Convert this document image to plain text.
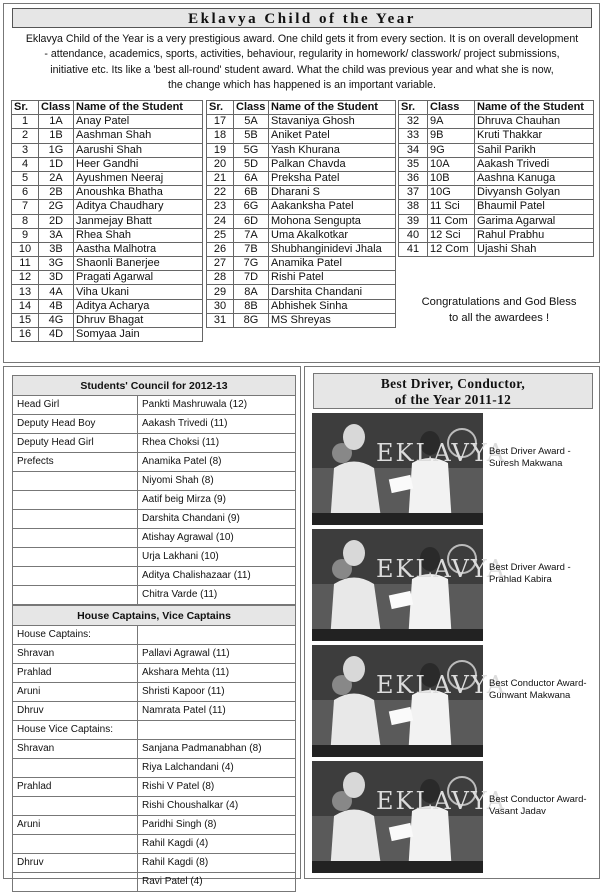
Eklavya Child of the Year
Eklavya Child of the Year is a very prestigious award. One child gets it from every section. It is on overall development
- attendance, academics, sports, activities, behaviour, regularity in homework/ classwork/ project submissions,
initiative etc. Its like a 'best all-round' student award. What the child was previous year and what she is now,
the change which has happened is an important variable.
Sr.	Class	Name of the Student
1	1A	Anay Patel
2	1B	Aashman Shah
3	1G	Aarushi Shah
4	1D	Heer Gandhi
5	2A	Ayushmen Neeraj
6	2B	Anoushka Bhatha
7	2G	Aditya Chaudhary
8	2D	Janmejay Bhatt
9	3A	Rhea Shah
10	3B	Aastha Malhotra
11	3G	Shaonli Banerjee
12	3D	Pragati Agarwal
13	4A	Viha Ukani
14	4B	Aditya Acharya
15	4G	Dhruv Bhagat
16	4D	Somyaa Jain
Sr.	Class	Name of the Student
17	5A	Stavaniya Ghosh
18	5B	Aniket Patel
19	5G	Yash Khurana
20	5D	Palkan Chavda
21	6A	Preksha Patel
22	6B	Dharani S
23	6G	Aakanksha Patel
24	6D	Mohona Sengupta
25	7A	Uma Akalkotkar
26	7B	Shubhanginidevi Jhala
27	7G	Anamika Patel
28	7D	Rishi Patel
29	8A	Darshita Chandani
30	8B	Abhishek Sinha
31	8G	MS Shreyas
Sr.	Class	Name of the Student
32	9A	Dhruva Chauhan
33	9B	Kruti Thakkar
34	9G	Sahil Parikh
35	10A	Aakash Trivedi
36	10B	Aashna Kanuga
37	10G	Divyansh Golyan
38	11 Sci	Bhaumil Patel
39	11 Com	Garima Agarwal
40	12 Sci	Rahul Prabhu
41	12 Com	Ujashi Shah
Congratulations and God Bless
to all the awardees !
Students' Council for 2012-13	
Head Girl	Pankti Mashruwala (12)
Deputy Head Boy	Aakash Trivedi (11)
Deputy Head Girl	Rhea Choksi (11)
Prefects	Anamika Patel (8)
	Niyomi Shah (8)
	Aatif beig Mirza (9)
	Darshita Chandani (9)
	Atishay Agrawal (10)
	Urja Lakhani (10)
	Aditya Chalishazaar (11)
	Chitra Varde (11)
House Captains, Vice Captains	
House Captains:	
Shravan	Pallavi Agrawal (11)
Prahlad	Akshara Mehta (11)
Aruni	Shristi Kapoor (11)
Dhruv	Namrata Patel (11)
House Vice Captains:	
Shravan	Sanjana Padmanabhan (8)
	Riya Lalchandani (4)
Prahlad	Rishi V Patel (8)
	Rishi Choushalkar (4)
Aruni	Paridhi Singh (8)
	Rahil Kagdi (4)
Dhruv	Rahil Kagdi (8)
	Ravi Patel (4)
Best Driver, Conductor,
of the Year 2011-12
EKLAVYA
Best Driver Award -
Suresh Makwana
EKLAVYA
Best Driver Award -
Prahlad Kabira
EKLAVYA
Best Conductor Award-
Gunwant Makwana
EKLAVYA
Best Conductor Award-
Vasant Jadav
